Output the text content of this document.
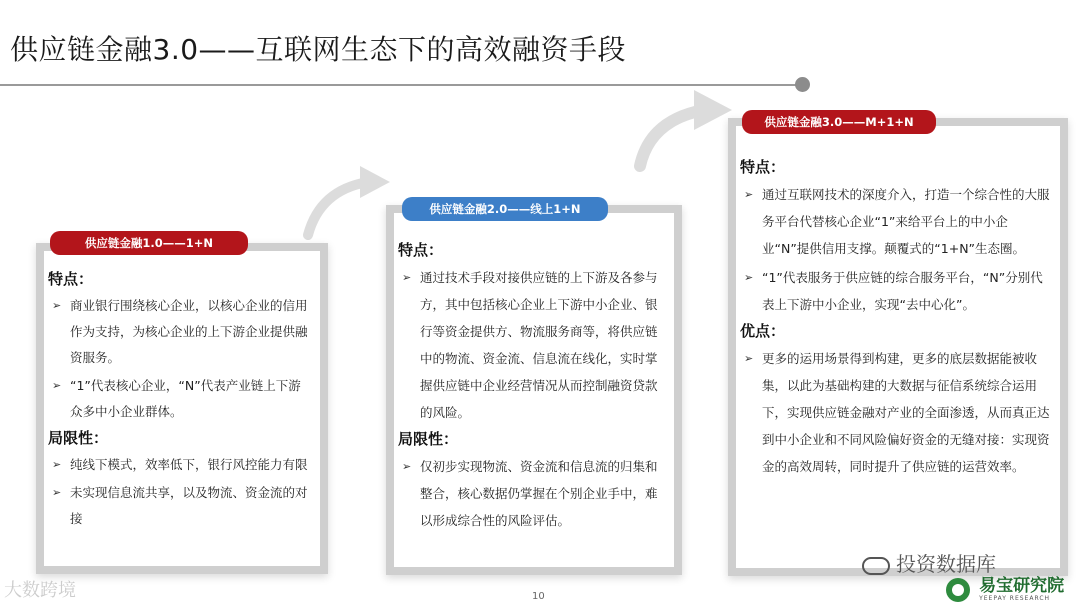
供应链金融3.0——互联网生态下的高效融资手段
供应链金融1.0——1+N
供应链金融2.0——线上1+N
供应链金融3.0——M+1+N
特点：
➢ 商业银行围绕核心企业，以核心企业的信用作为支持，为核心企业的上下游企业提供融资服务。
➢ “1”代表核心企业，“N”代表产业链上下游众多中小企业群体。
局限性：
➢ 纯线下模式，效率低下，银行风控能力有限
➢ 未实现信息流共享，以及物流、资金流的对接
特点：
➢ 通过技术手段对接供应链的上下游及各参与方，其中包括核心企业上下游中小企业、银行等资金提供方、物流服务商等，将供应链中的物流、资金流、信息流在线化，实时掌握供应链中企业经营情况从而控制融资贷款的风险。
局限性：
➢ 仅初步实现物流、资金流和信息流的归集和整合，核心数据仍掌握在个别企业手中，难以形成综合性的风险评估。
特点：
➢ 通过互联网技术的深度介入，打造一个综合性的大服务平台代替核心企业“1”来给平台上的中小企业“N”提供信用支撑。颠覆式的“1+N”生态圈。
➢ “1”代表服务于供应链的综合服务平台，“N”分别代表上下游中小企业，实现“去中心化”。
优点：
➢ 更多的运用场景得到构建，更多的底层数据能被收集，以此为基础构建的大数据与征信系统综合运用下，实现供应链金融对产业的全面渗透，从而真正达到中小企业和不同风险偏好资金的无缝对接：实现资金的高效周转，同时提升了供应链的运营效率。
大数跨境	10
投资数据库

易宝研究院
YEEPAY RESEARCH
